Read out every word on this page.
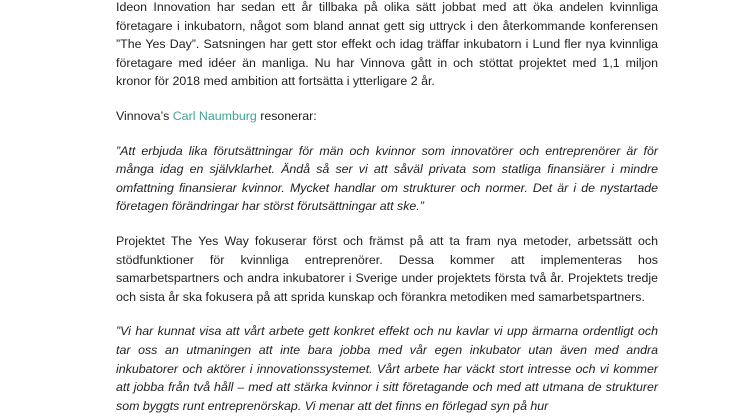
Ideon Innovation har sedan ett år tillbaka på olika sätt jobbat med att öka andelen kvinnliga företagare i inkubatorn, något som bland annat gett sig uttryck i den återkommande konferensen ”The Yes Day”. Satsningen har gett stor effekt och idag träffar inkubatorn i Lund fler nya kvinnliga företagare med idéer än manliga. Nu har Vinnova gått in och stöttat projektet med 1,1 miljon kronor för 2018 med ambition att fortsätta i ytterligare 2 år.

Vinnova’s Carl Naumburg resonerar:

”Att erbjuda lika förutsättningar för män och kvinnor som innovatörer och entreprenörer är för många idag en självklarhet. Ändå så ser vi att såväl privata som statliga finansiärer i mindre omfattning finansierar kvinnor. Mycket handlar om strukturer och normer. Det är i de nystartade företagen förändringar har störst förutsättningar att ske.”

Projektet The Yes Way fokuserar först och främst på att ta fram nya metoder, arbetssätt och stödfunktioner för kvinnliga entreprenörer. Dessa kommer att implementeras hos samarbetspartners och andra inkubatorer i Sverige under projektets första två år. Projektets tredje och sista år ska fokusera på att sprida kunskap och förankra metodiken med samarbetspartners.

”Vi har kunnat visa att vårt arbete gett konkret effekt och nu kavlar vi upp ärmarna ordentligt och tar oss an utmaningen att inte bara jobba med vår egen inkubator utan även med andra inkubatorer och aktörer i innovationssystemet. Vårt arbete har väckt stort intresse och vi kommer att jobba från två håll – med att stärka kvinnor i sitt företagande och med att utmana de strukturer som byggts runt entreprenörskap. Vi menar att det finns en förlegad syn på hur
